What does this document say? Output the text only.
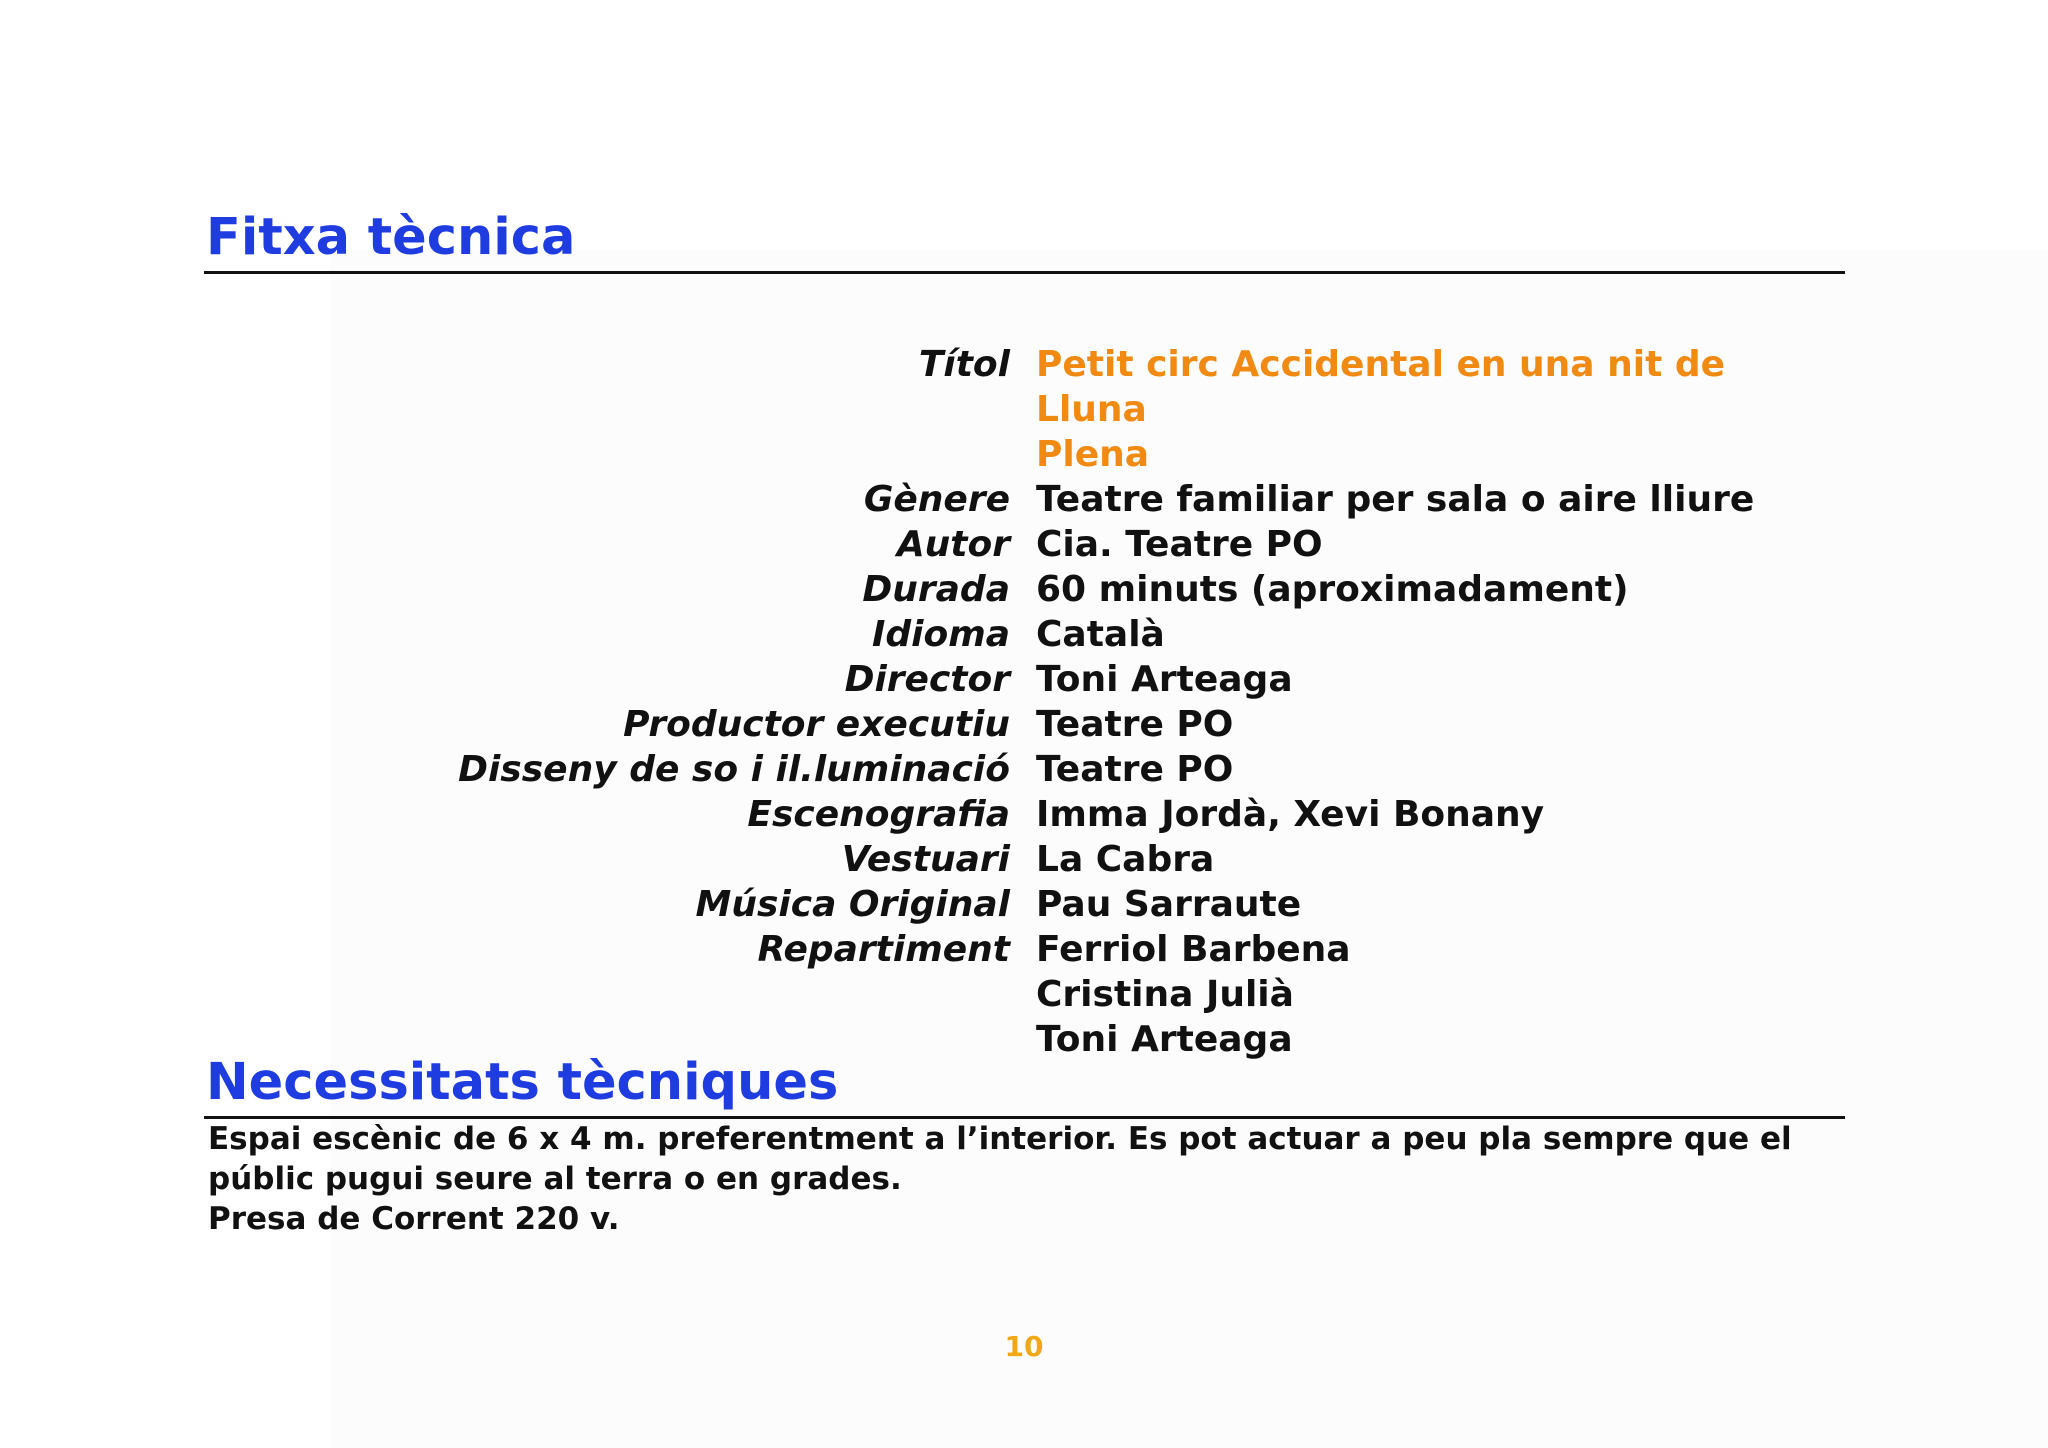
Fitxa tècnica
Títol Petit circ Accidental en una nit de Lluna
Plena
Gènere Teatre familiar per sala o aire lliure
Autor Cia. Teatre PO
Durada 60 minuts (aproximadament)
Idioma Català
Director Toni Arteaga
Productor executiu Teatre PO
Disseny de so i il.luminació Teatre PO
Escenografia Imma Jordà, Xevi Bonany
Vestuari La Cabra
Música Original Pau Sarraute
Repartiment Ferriol Barbena
Cristina Julià
Toni Arteaga
Necessitats tècniques

Espai escènic de 6 x 4 m. preferentment a l’interior. Es pot actuar a peu pla sempre que el públic pugui seure al terra o en grades.

Presa de Corrent 220 v.

10
